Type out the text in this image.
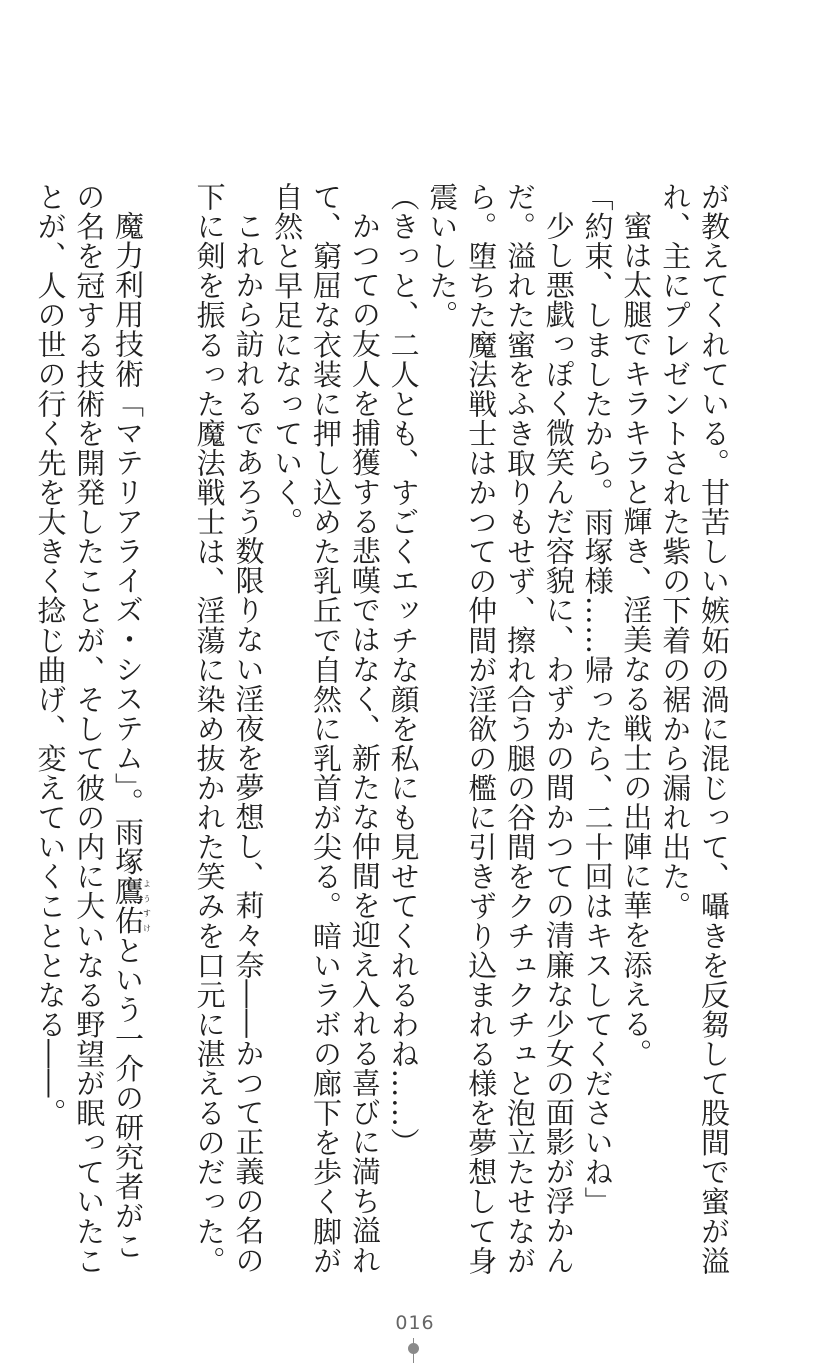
が教えてくれている。甘苦しい嫉妬の渦に混じって、囁きを反芻して股間で蜜が溢れ、主にプレゼントされた紫の下着の裾から漏れ出た。

蜜は太腿でキラキラと輝き、淫美なる戦士の出陣に華を添える。

「約束、しましたから。雨塚様……帰ったら、二十回はキスしてくださいね」

少し悪戯っぽく微笑んだ容貌に、わずかの間かつての清廉な少女の面影が浮かんだ。溢れた蜜をふき取りもせず、擦れ合う腿の谷間をクチュクチュと泡立たせながら。堕ちた魔法戦士はかつての仲間が淫欲の檻に引きずり込まれる様を夢想して身震いした。

（きっと、二人とも、すごくエッチな顔を私にも見せてくれるわね……）

かつての友人を捕獲する悲嘆ではなく、新たな仲間を迎え入れる喜びに満ち溢れて、窮屈な衣装に押し込めた乳丘で自然に乳首が尖る。暗いラボの廊下を歩く脚が自然と早足になっていく。

これから訪れるであろう数限りない淫夜を夢想し、莉々奈――かつて正義の名の下に剣を振るった魔法戦士は、淫蕩に染め抜かれた笑みを口元に湛えるのだった。

魔力利用技術「マテリアライズ・システム」。雨塚鷹佑ようすけという一介の研究者がこの名を冠する技術を開発したことが、そして彼の内に大いなる野望が眠っていたことが、人の世の行く先を大きく捻じ曲げ、変えていくこととなる――。

016
